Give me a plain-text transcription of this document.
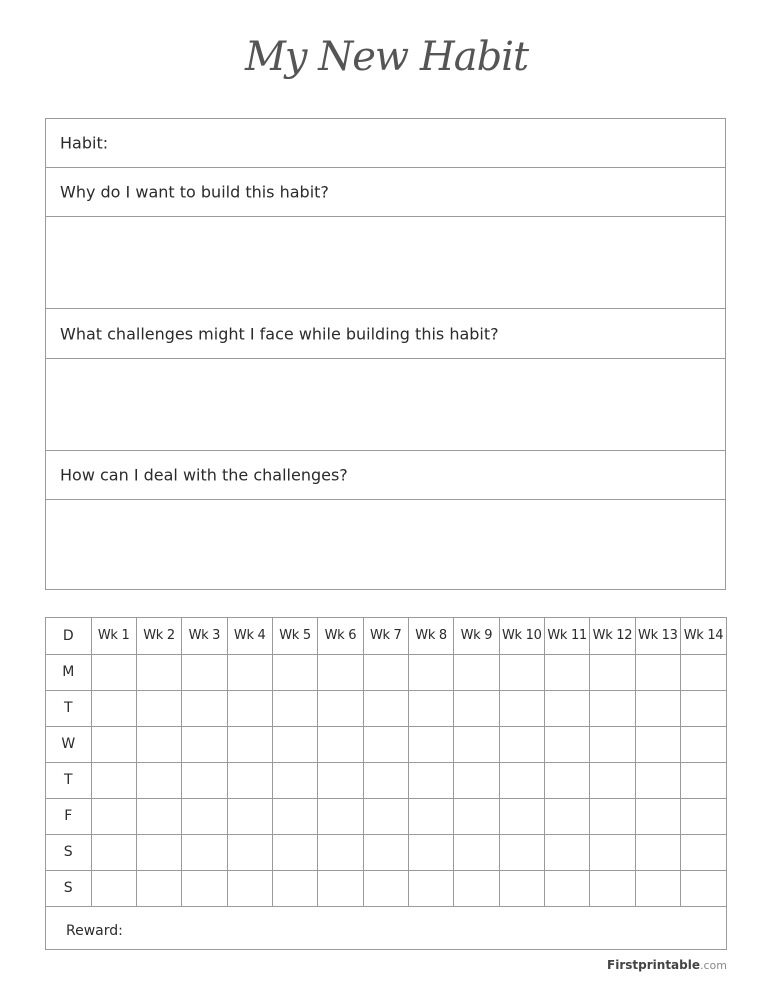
My New Habit
Habit:
Why do I want to build this habit?
What challenges might I face while building this habit?
How can I deal with the challenges?
D	Wk 1	Wk 2	Wk 3	Wk 4	Wk 5	Wk 6	Wk 7	Wk 8	Wk 9	Wk 10	Wk 11	Wk 12	Wk 13	Wk 14
M														
T														
W														
T														
F														
S														
S														
Reward:
Firstprintable.com
